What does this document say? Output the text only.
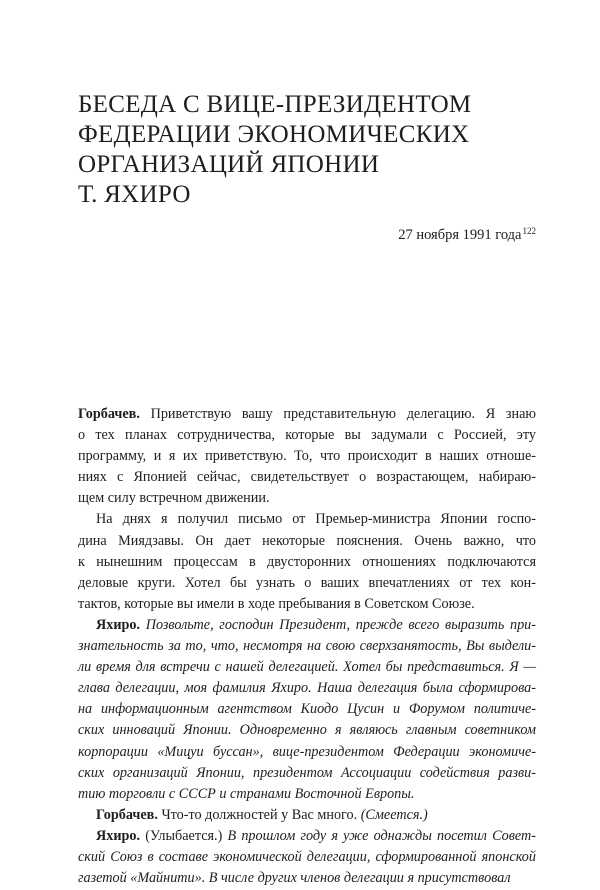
БЕСЕДА С ВИЦЕ-ПРЕЗИДЕНТОМ
ФЕДЕРАЦИИ ЭКОНОМИЧЕСКИХ
ОРГАНИЗАЦИЙ ЯПОНИИ
Т. ЯХИРО
27 ноября 1991 года$^{122}$
Горбачев. Приветствую вашу представительную делегацию. Я знаю
о тех планах сотрудничества, которые вы задумали с Россией, эту
программу, и я их приветствую. То, что происходит в наших отноше-
ниях с Японией сейчас, свидетельствует о возрастающем, набираю-
щем силу встречном движении.
На днях я получил письмо от Премьер-министра Японии госпо-
дина Миядзавы. Он дает некоторые пояснения. Очень важно, что
к нынешним процессам в двусторонних отношениях подключаются
деловые круги. Хотел бы узнать о ваших впечатлениях от тех кон-
тактов, которые вы имели в ходе пребывания в Советском Союзе.
Яхиро. Позвольте, господин Президент, прежде всего выразить при-
знательность за то, что, несмотря на свою сверхзанятость, Вы выдели-
ли время для встречи с нашей делегацией. Хотел бы представиться. Я —
глава делегации, моя фамилия Яхиро. Наша делегация была сформирова-
на информационным агентством Киодо Цусин и Форумом политиче-
ских инноваций Японии. Одновременно я являюсь главным советником
корпорации «Мицуи буссан», вице-президентом Федерации экономиче-
ских организаций Японии, президентом Ассоциации содействия разви-
тию торговли с СССР и странами Восточной Европы.
Горбачев. Что-то должностей у Вас много. (Смеется.)
Яхиро. (Улыбается.) В прошлом году я уже однажды посетил Совет-
ский Союз в составе экономической делегации, сформированной японской
газетой «Майнити». В числе других членов делегации я присутствовал
